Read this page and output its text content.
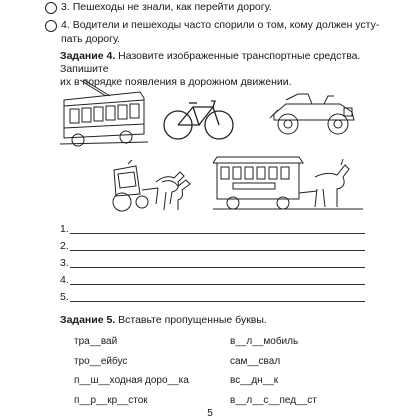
3. Пешеходы не знали, как перейти дорогу.
4. Водители и пешеходы часто спорили о том, кому должен усту-
пать дорогу.
Задание 4. Назовите изображенные транспортные средства. Запишите
их в порядке появления в дорожном движении.
1.
2.
3.
4.
5.
Задание 5. Вставьте пропущенные буквы.
тра__вай
тро__ейбус
п__ш__ходная доро__ка
п__р__кр__сток
в__л__мобиль
сам__свал
вс__дн__к
в__л__с__пед__ст
5
